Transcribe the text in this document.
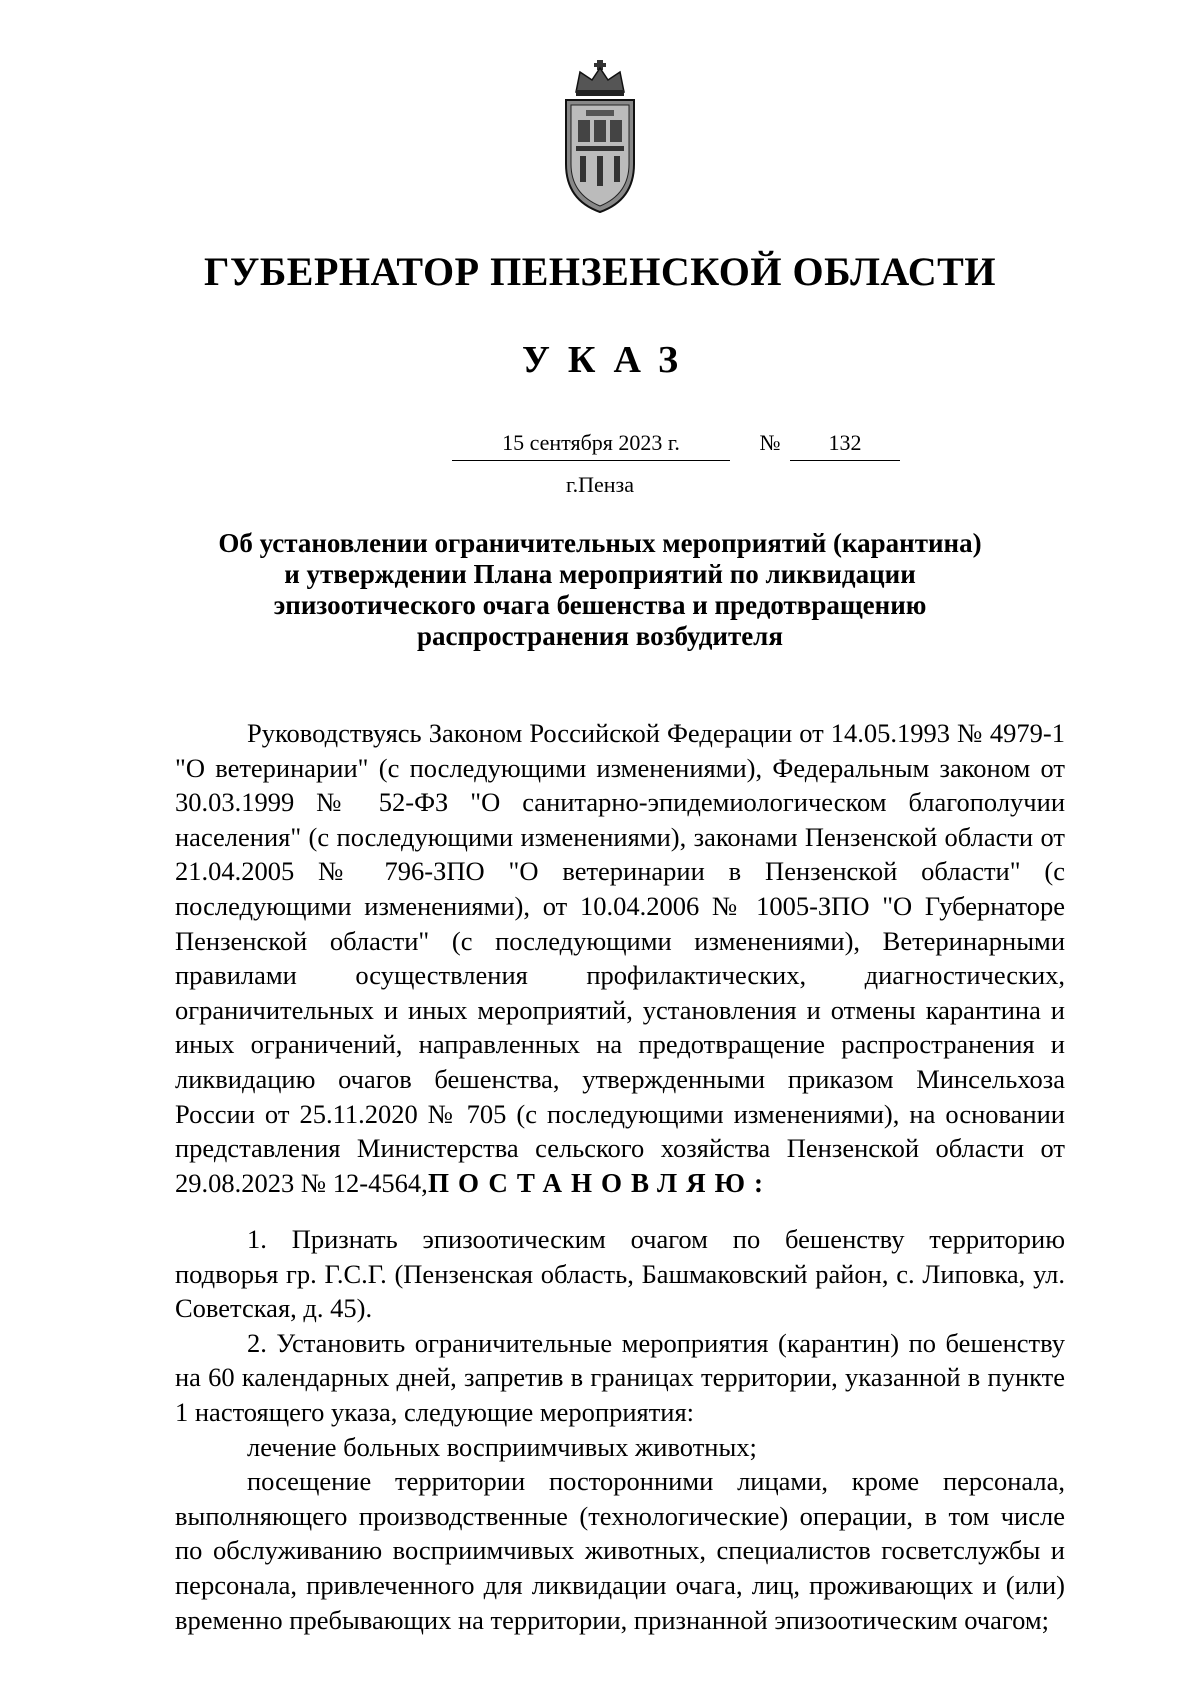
ГУБЕРНАТОР ПЕНЗЕНСКОЙ ОБЛАСТИ
УКАЗ
15 сентября 2023 г.	№	132
г.Пенза
Об установлении ограничительных мероприятий (карантина)
и утверждении Плана мероприятий по ликвидации
эпизоотического очага бешенства и предотвращению
распространения возбудителя

Руководствуясь Законом Российской Федерации от 14.05.1993 № 4979-1 "О ветеринарии" (с последующими изменениями), Федеральным законом от 30.03.1999 № 52-ФЗ "О санитарно-эпидемиологическом благополучии населения" (с последующими изменениями), законами Пензенской области от 21.04.2005 № 796-ЗПО "О ветеринарии в Пензенской области" (с последующими изменениями), от 10.04.2006 № 1005-ЗПО "О Губернаторе Пензенской области" (с последующими изменениями), Ветеринарными правилами осуществления профилактических, диагностических, ограничительных и иных мероприятий, установления и отмены карантина и иных ограничений, направленных на предотвращение распространения и ликвидацию очагов бешенства, утвержденными приказом Минсельхоза России от 25.11.2020 № 705 (с последующими изменениями), на основании представления Министерства сельского хозяйства Пензенской области от 29.08.2023 № 12-4564, ПОСТАНОВЛЯЮ:

1. Признать эпизоотическим очагом по бешенству территорию подворья гр. Г.С.Г. (Пензенская область, Башмаковский район, с. Липовка, ул. Советская, д. 45).

2. Установить ограничительные мероприятия (карантин) по бешенству на 60 календарных дней, запретив в границах территории, указанной в пункте 1 настоящего указа, следующие мероприятия:

лечение больных восприимчивых животных;

посещение территории посторонними лицами, кроме персонала, выполняющего производственные (технологические) операции, в том числе по обслуживанию восприимчивых животных, специалистов госветслужбы и персонала, привлеченного для ликвидации очага, лиц, проживающих и (или) временно пребывающих на территории, признанной эпизоотическим очагом;
